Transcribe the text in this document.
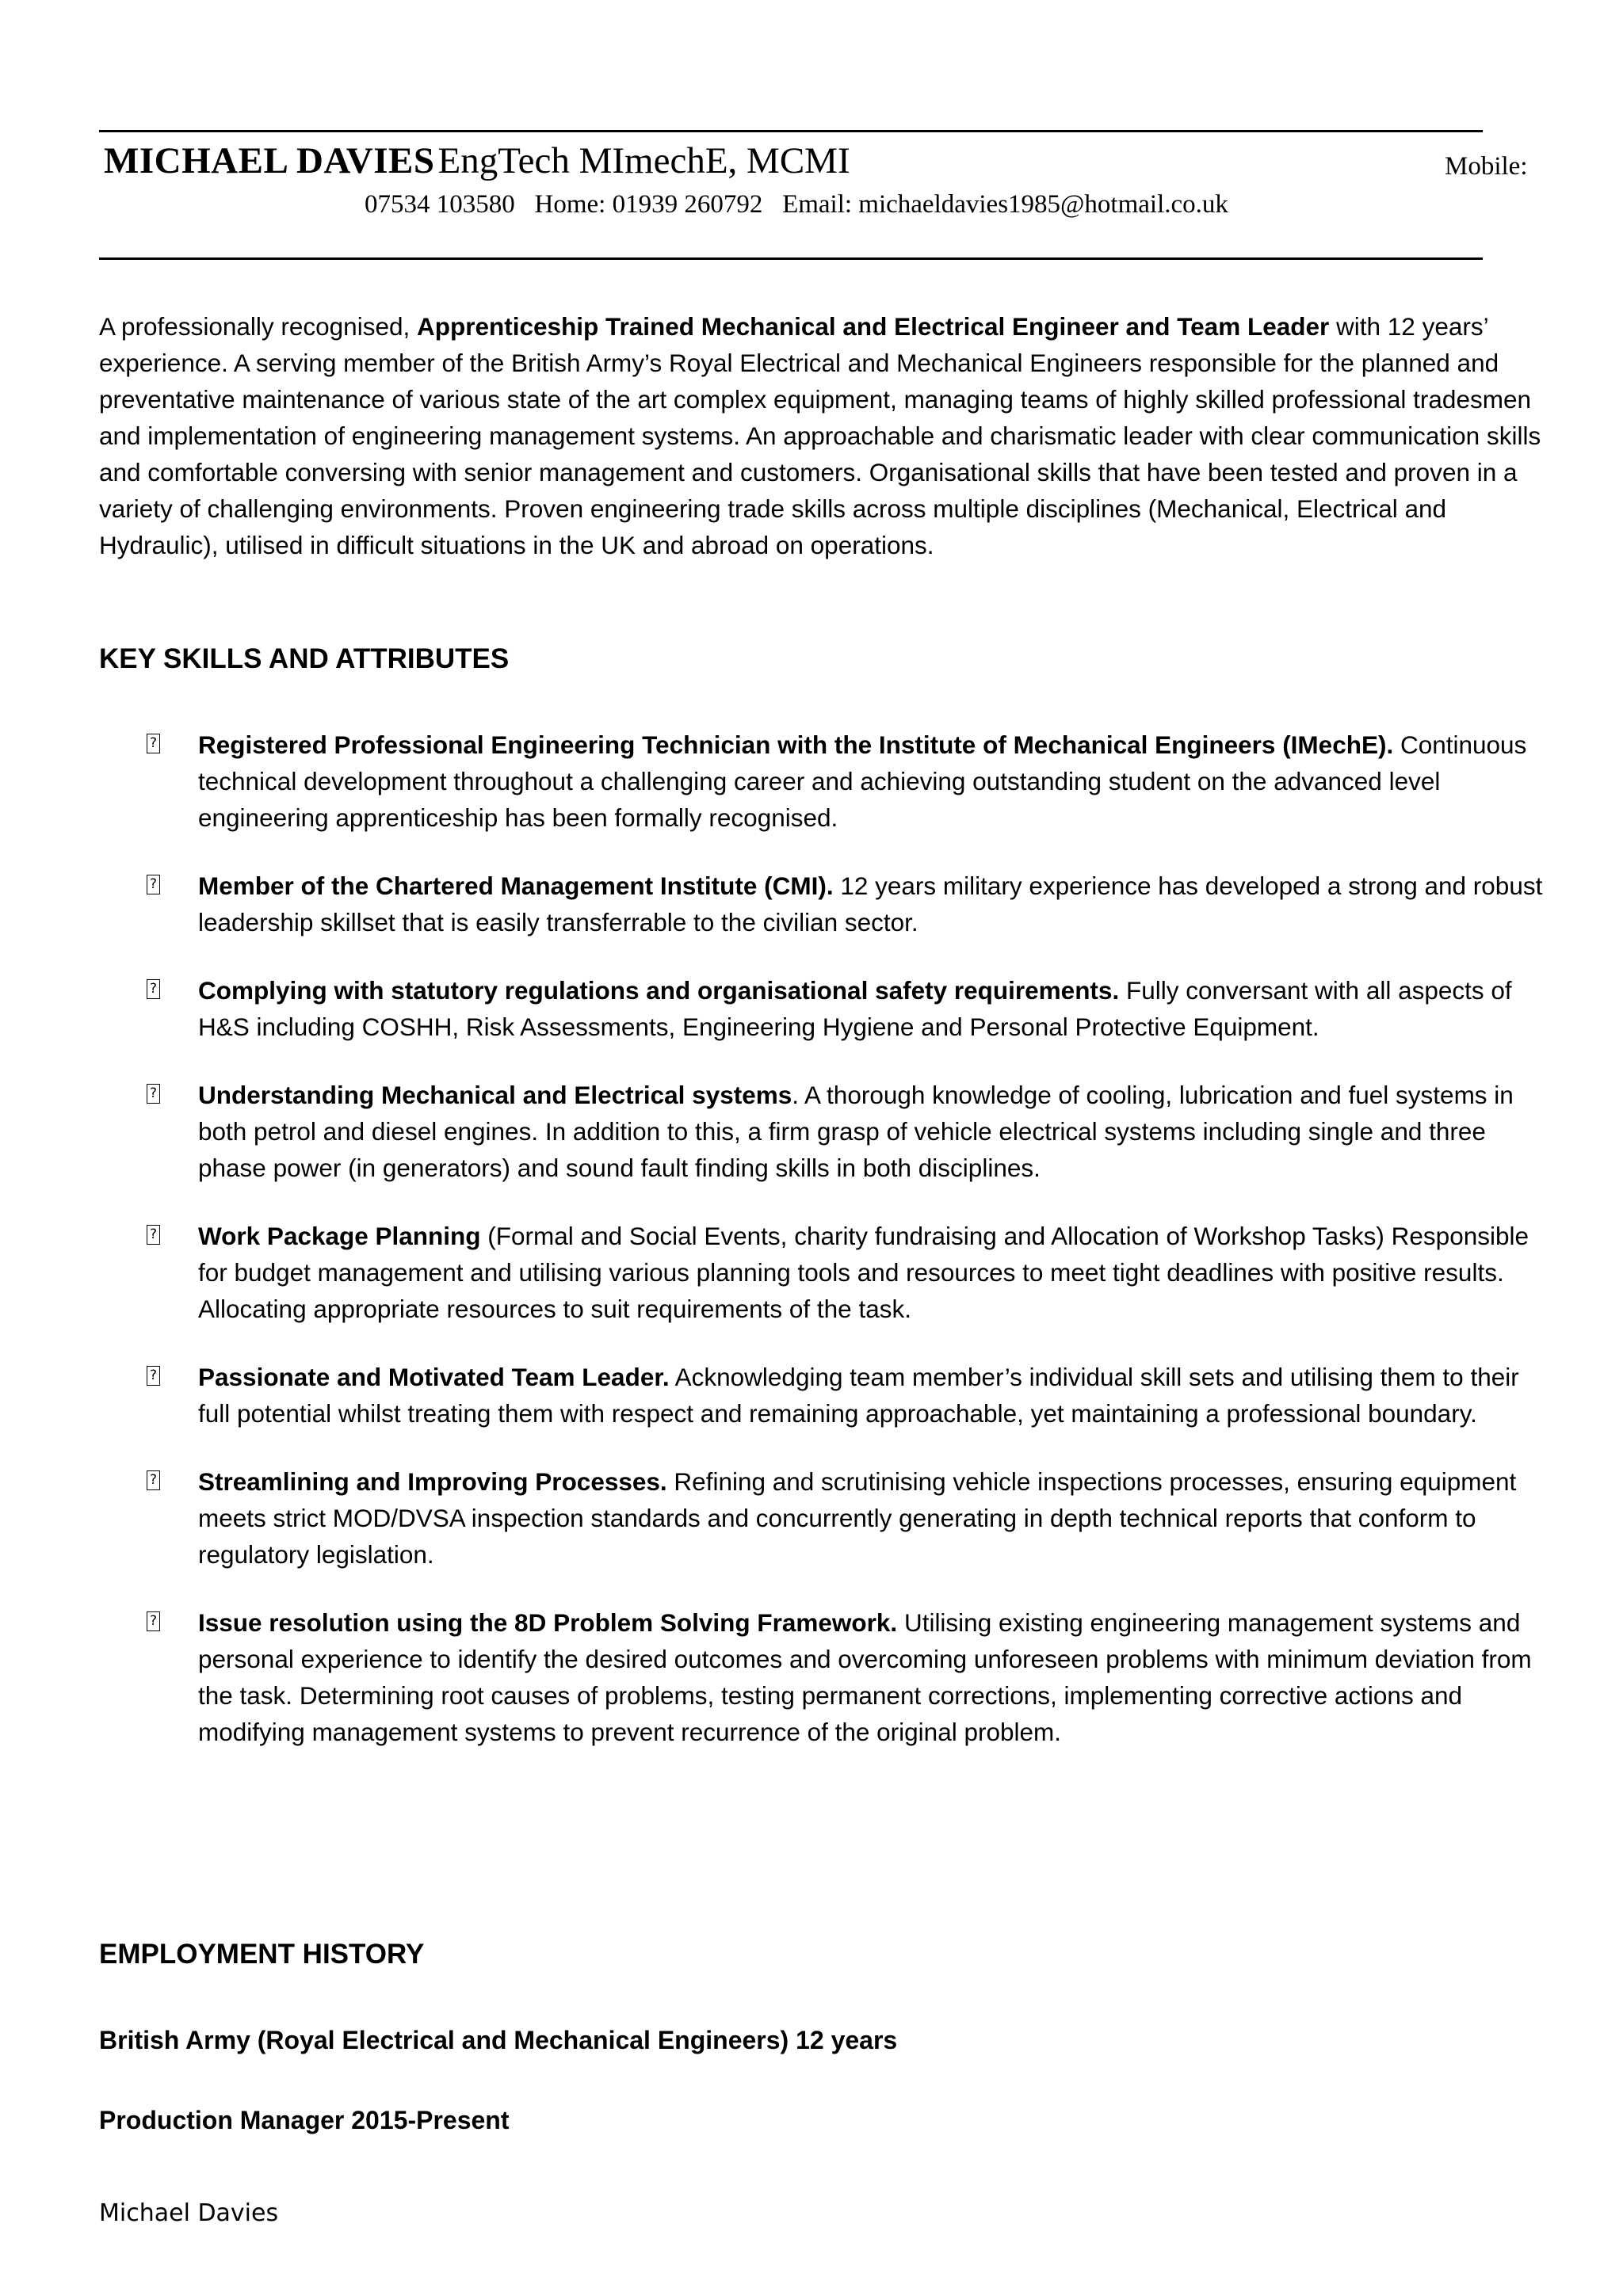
MICHAEL DAVIES EngTech MImechE, MCMI	Mobile:
07534 103580   Home: 01939 260792   Email: michaeldavies1985@hotmail.co.uk

A professionally recognised, Apprenticeship Trained Mechanical and Electrical Engineer and Team Leader with 12 years’ experience. A serving member of the British Army’s Royal Electrical and Mechanical Engineers responsible for the planned and preventative maintenance of various state of the art complex equipment, managing teams of highly skilled professional tradesmen and implementation of engineering management systems. An approachable and charismatic leader with clear communication skills and comfortable conversing with senior management and customers. Organisational skills that have been tested and proven in a variety of challenging environments. Proven engineering trade skills across multiple disciplines (Mechanical, Electrical and Hydraulic), utilised in difficult situations in the UK and abroad on operations.

KEY SKILLS AND ATTRIBUTES
? Registered Professional Engineering Technician with the Institute of Mechanical Engineers (IMechE). Continuous technical development throughout a challenging career and achieving outstanding student on the advanced level engineering apprenticeship has been formally recognised.
? Member of the Chartered Management Institute (CMI). 12 years military experience has developed a strong and robust leadership skillset that is easily transferrable to the civilian sector.
? Complying with statutory regulations and organisational safety requirements. Fully conversant with all aspects of H&S including COSHH, Risk Assessments, Engineering Hygiene and Personal Protective Equipment.
? Understanding Mechanical and Electrical systems. A thorough knowledge of cooling, lubrication and fuel systems in both petrol and diesel engines. In addition to this, a firm grasp of vehicle electrical systems including single and three phase power (in generators) and sound fault finding skills in both disciplines.
? Work Package Planning (Formal and Social Events, charity fundraising and Allocation of Workshop Tasks) Responsible for budget management and utilising various planning tools and resources to meet tight deadlines with positive results. Allocating appropriate resources to suit requirements of the task.
? Passionate and Motivated Team Leader. Acknowledging team member’s individual skill sets and utilising them to their full potential whilst treating them with respect and remaining approachable, yet maintaining a professional boundary.
? Streamlining and Improving Processes. Refining and scrutinising vehicle inspections processes, ensuring equipment meets strict MOD/DVSA inspection standards and concurrently generating in depth technical reports that conform to regulatory legislation.
? Issue resolution using the 8D Problem Solving Framework. Utilising existing engineering management systems and personal experience to identify the desired outcomes and overcoming unforeseen problems with minimum deviation from the task. Determining root causes of problems, testing permanent corrections, implementing corrective actions and modifying management systems to prevent recurrence of the original problem.
EMPLOYMENT HISTORY
British Army (Royal Electrical and Mechanical Engineers) 12 years
Production Manager 2015-Present
Michael Davies
